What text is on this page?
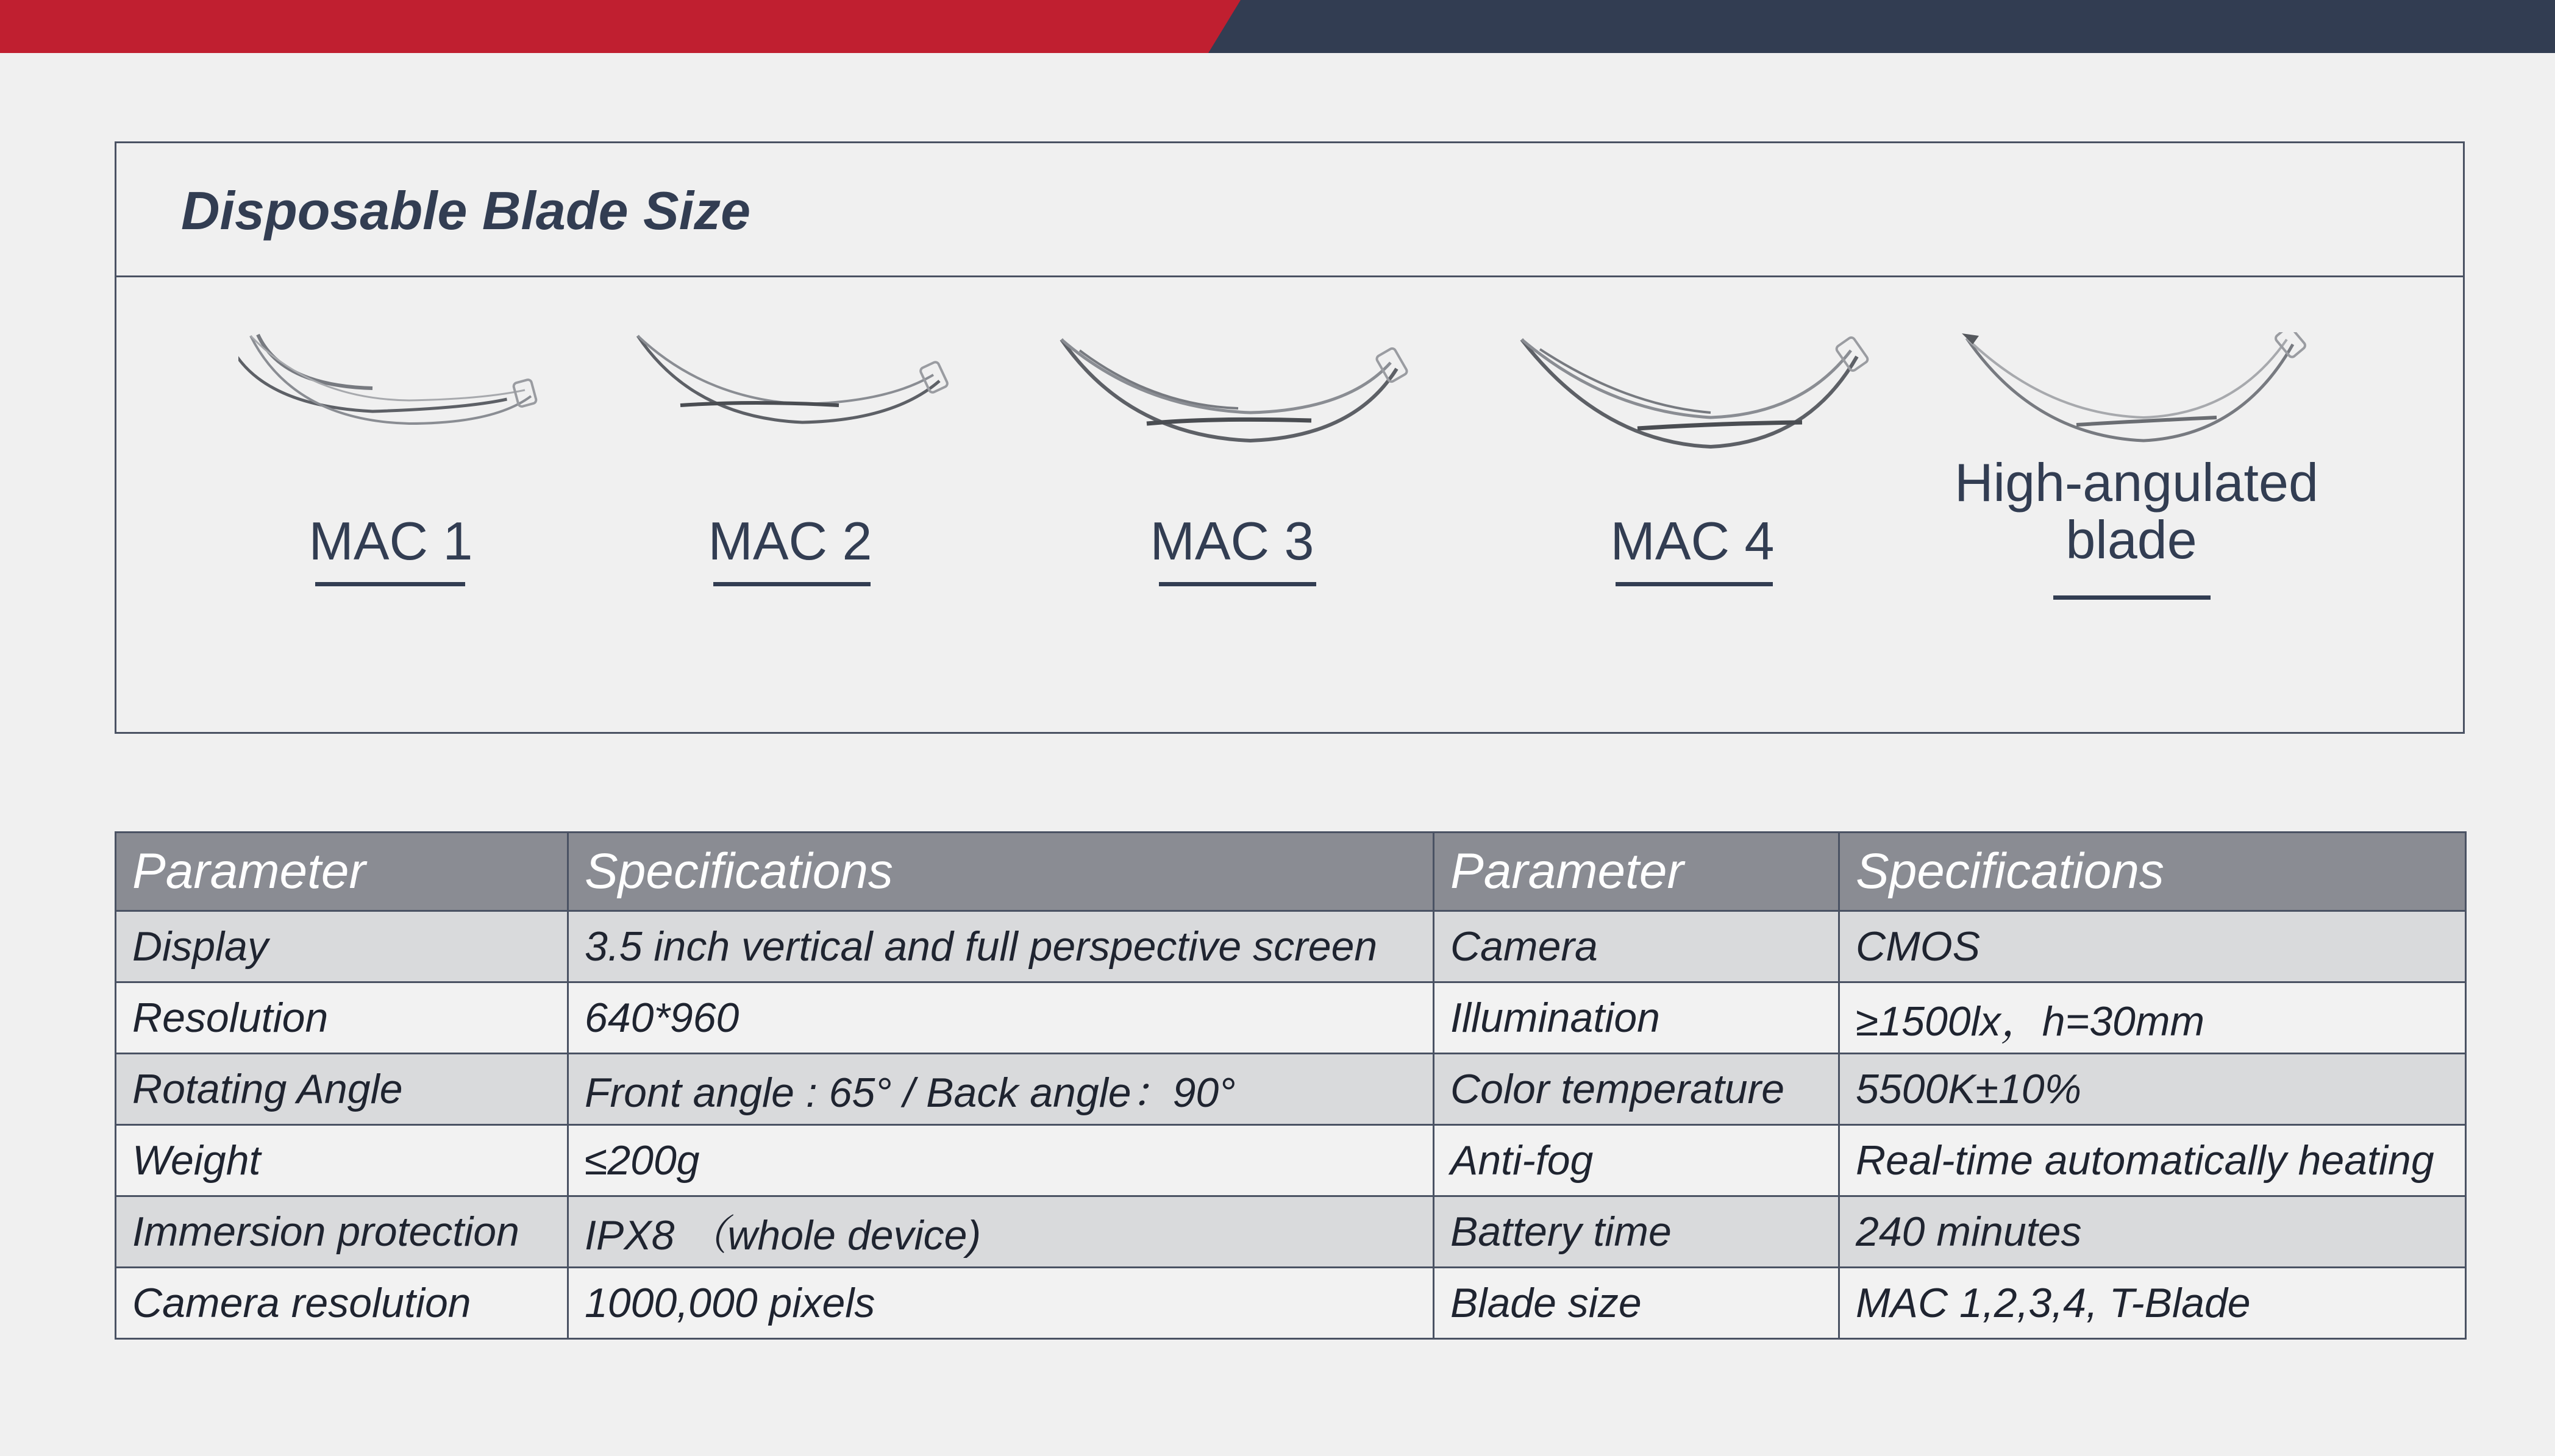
Disposable Blade Size
MAC 1	MAC 2	MAC 3	MAC 4
High-angulated
blade
Parameter	Specifications	Parameter	Specifications
Display	3.5 inch vertical and full perspective screen	Camera	CMOS
Resolution	640*960	Illumination	≥1500lx，h=30mm
Rotating Angle	Front angle : 65° / Back angle：90°	Color temperature	5500K±10%
Weight	≤200g	Anti-fog	Real-time automatically heating
Immersion protection	IPX8 （whole device)	Battery time	240 minutes
Camera resolution	1000,000 pixels	Blade size	MAC 1,2,3,4, T-Blade
